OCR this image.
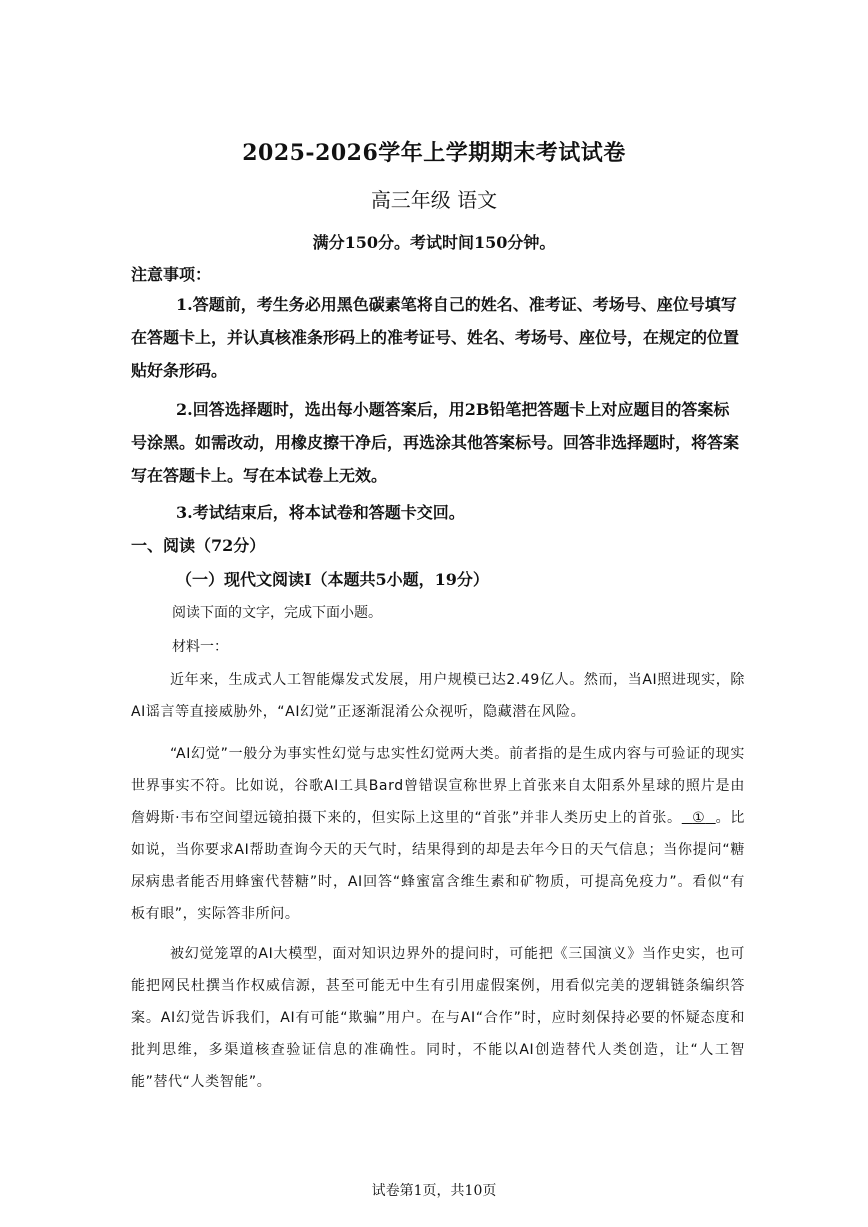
2025-2026学年上学期期末考试试卷
高三年级 语文
满分150分。考试时间150分钟。
注意事项：
1.答题前，考生务必用黑色碳素笔将自己的姓名、准考证、考场号、座位号填写在答题卡上，并认真核准条形码上的准考证号、姓名、考场号、座位号，在规定的位置贴好条形码。
2.回答选择题时，选出每小题答案后，用2B铅笔把答题卡上对应题目的答案标号涂黑。如需改动，用橡皮擦干净后，再选涂其他答案标号。回答非选择题时，将答案写在答题卡上。写在本试卷上无效。
3.考试结束后，将本试卷和答题卡交回。
一、阅读（72分）
（一）现代文阅读I（本题共5小题，19分）
阅读下面的文字，完成下面小题。
材料一：
近年来，生成式人工智能爆发式发展，用户规模已达2.49亿人。然而，当AI照进现实，除AI谣言等直接威胁外，“AI幻觉”正逐渐混淆公众视听，隐藏潜在风险。
“AI幻觉”一般分为事实性幻觉与忠实性幻觉两大类。前者指的是生成内容与可验证的现实世界事实不符。比如说，谷歌AI工具Bard曾错误宣称世界上首张来自太阳系外星球的照片是由詹姆斯·韦布空间望远镜拍摄下来的，但实际上这里的“首张”并非人类历史上的首张。 ① 。比如说，当你要求AI帮助查询今天的天气时，结果得到的却是去年今日的天气信息；当你提问“糖尿病患者能否用蜂蜜代替糖”时，AI回答“蜂蜜富含维生素和矿物质，可提高免疫力”。看似“有板有眼”，实际答非所问。
被幻觉笼罩的AI大模型，面对知识边界外的提问时，可能把《三国演义》当作史实，也可能把网民杜撰当作权威信源，甚至可能无中生有引用虚假案例，用看似完美的逻辑链条编织答案。AI幻觉告诉我们，AI有可能“欺骗”用户。在与AI“合作”时，应时刻保持必要的怀疑态度和批判思维，多渠道核查验证信息的准确性。同时，不能以AI创造替代人类创造，让“人工智能”替代“人类智能”。
试卷第1页，共10页
